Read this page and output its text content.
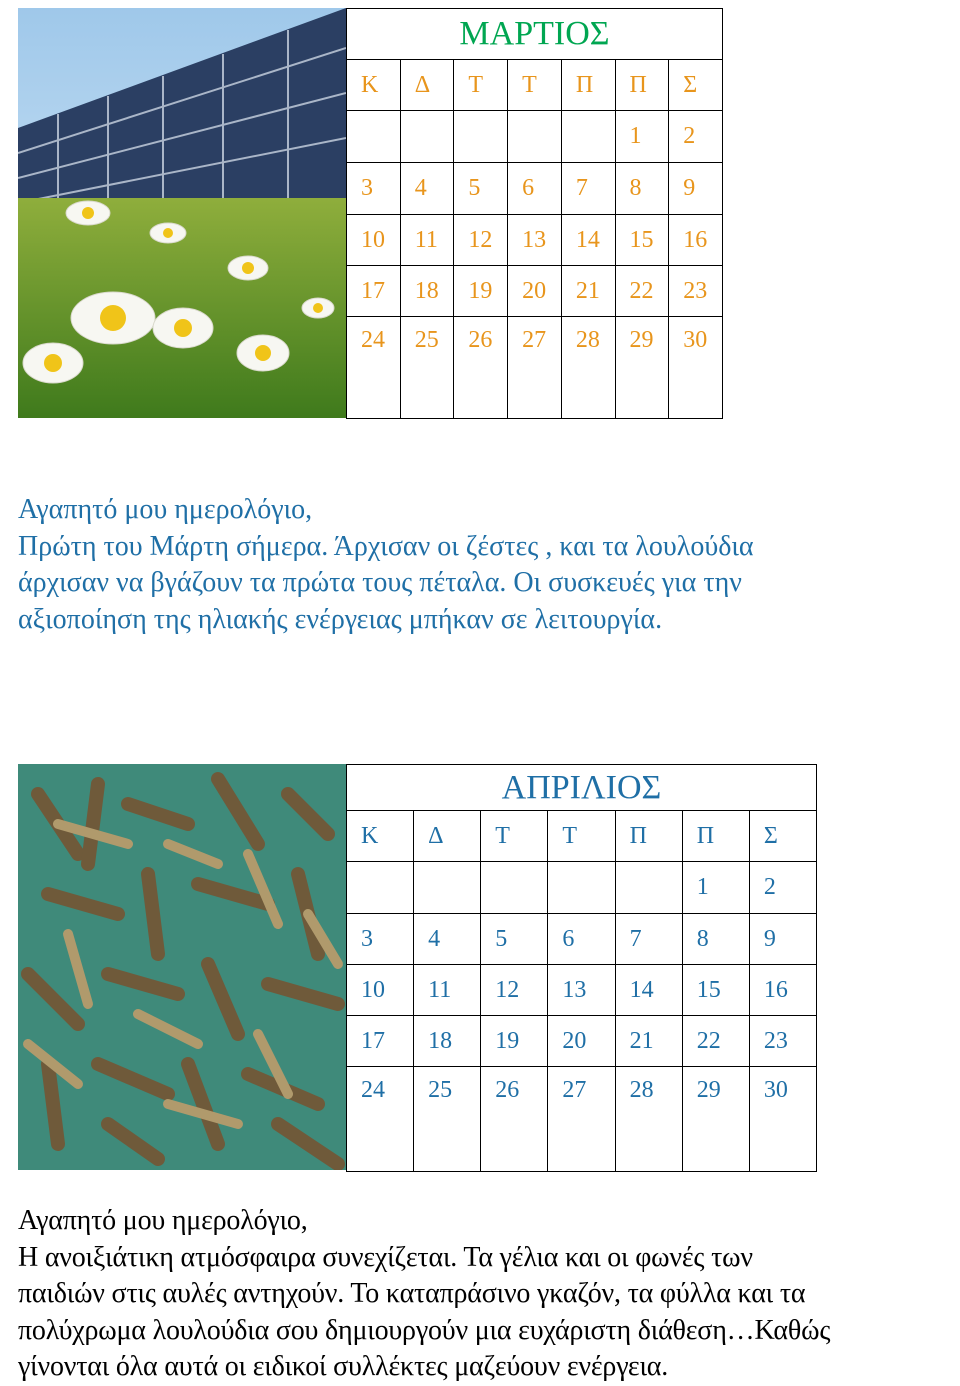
ΜΑΡΤΙΟΣ						
Κ	Δ	Τ	Τ	Π	Π	Σ
					1	2
3	4	5	6	7	8	9
10	11	12	13	14	15	16
17	18	19	20	21	22	23
24	25	26	27	28	29	30
Αγαπητό μου ημερολόγιο,
Πρώτη του Μάρτη σήμερα. Άρχισαν οι ζέστες , και τα λουλούδια
άρχισαν να βγάζουν τα πρώτα τους πέταλα. Οι συσκευές για την
αξιοποίηση της ηλιακής ενέργειας μπήκαν σε λειτουργία.
ΑΠΡΙΛΙΟΣ						
Κ	Δ	Τ	Τ	Π	Π	Σ
					1	2
3	4	5	6	7	8	9
10	11	12	13	14	15	16
17	18	19	20	21	22	23
24	25	26	27	28	29	30
Αγαπητό μου ημερολόγιο,
Η ανοιξιάτικη ατμόσφαιρα συνεχίζεται. Τα γέλια και οι φωνές των
παιδιών στις αυλές αντηχούν. Το καταπράσινο γκαζόν, τα φύλλα και τα
πολύχρωμα λουλούδια σου δημιουργούν μια ευχάριστη διάθεση…Καθώς
γίνονται όλα αυτά οι ειδικοί συλλέκτες μαζεύουν ενέργεια.
